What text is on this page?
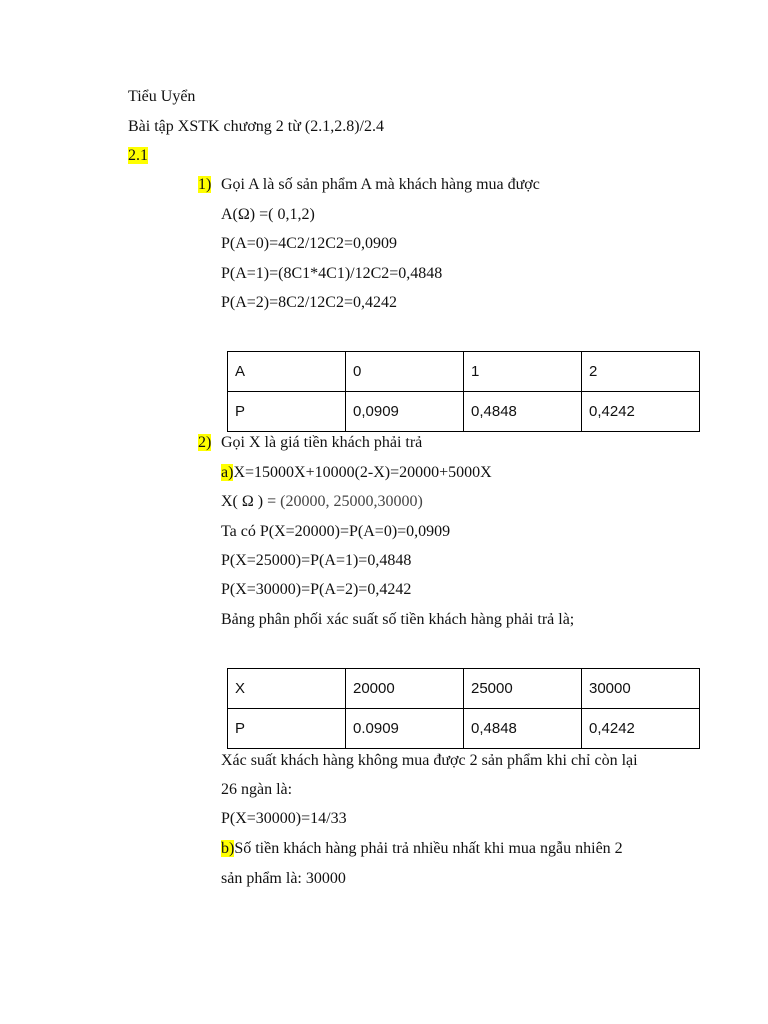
Tiểu Uyển
Bài tập XSTK chương 2 từ (2.1,2.8)/2.4
2.1
1) Gọi A là số sản phẩm A mà khách hàng mua được
A(Ω) =( 0,1,2)
P(A=0)=4C2/12C2=0,0909
P(A=1)=(8C1*4C1)/12C2=0,4848
P(A=2)=8C2/12C2=0,4242
A	0	1	2
P	0,0909	0,4848	0,4242
2) Gọi X là giá tiền khách phải trả
a)X=15000X+10000(2-X)=20000+5000X
X( Ω ) = (20000, 25000,30000)
Ta có P(X=20000)=P(A=0)=0,0909
P(X=25000)=P(A=1)=0,4848
P(X=30000)=P(A=2)=0,4242
Bảng phân phối xác suất số tiền khách hàng phải trả là;
X	20000	25000	30000
P	0.0909	0,4848	0,4242
Xác suất khách hàng không mua được 2 sản phẩm khi chỉ còn lại
26 ngàn là:
P(X=30000)=14/33
b)Số tiền khách hàng phải trả nhiều nhất khi mua ngẫu nhiên 2
sản phẩm là: 30000
